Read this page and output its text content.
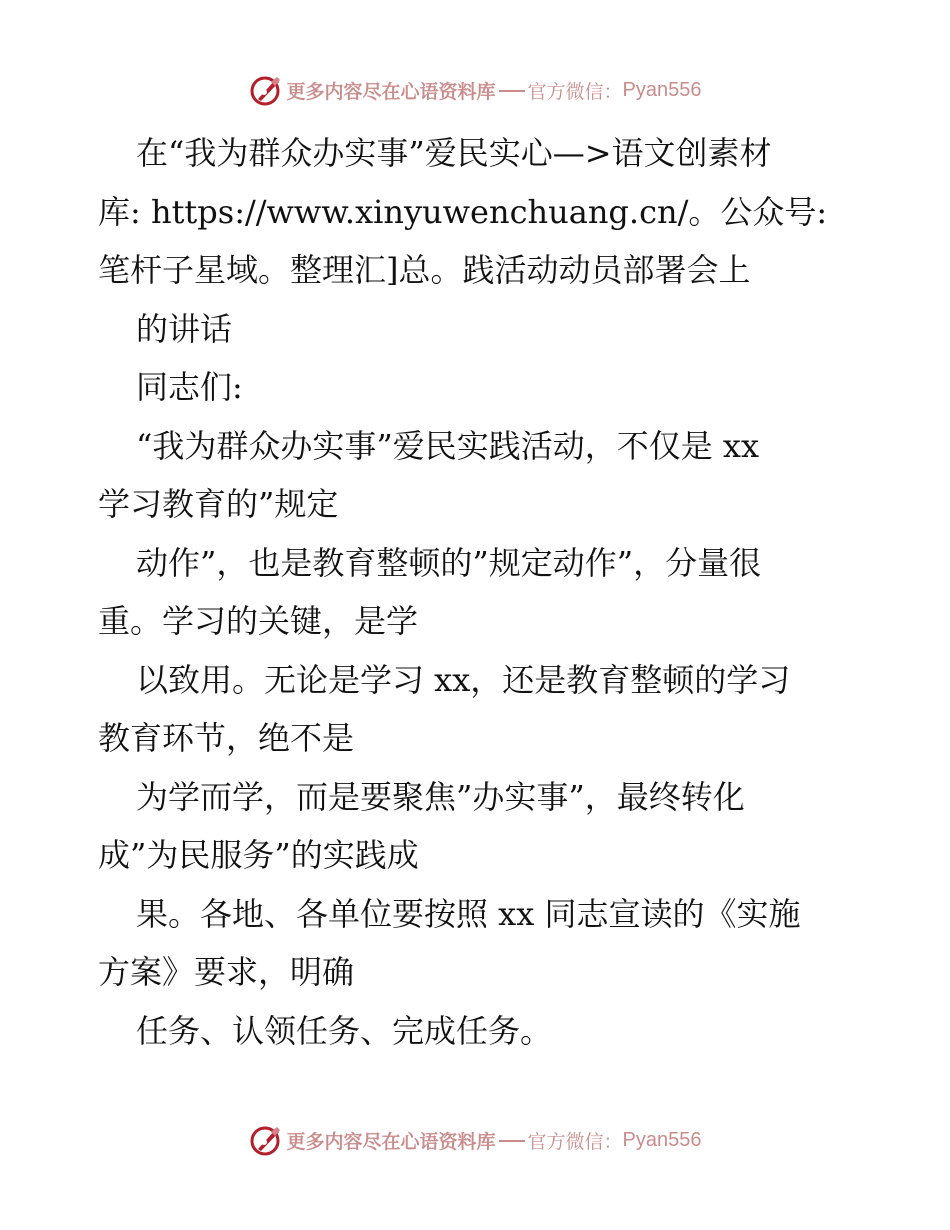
更多内容尽在心语资料库 官方微信： Pyan556
在“我为群众办实事”爱民实心—>语文创素材
库: https://www.xinyuwenchuang.cn/。公众号:
笔杆子星域。整理汇]总。践活动动员部署会上
的讲话
同志们:
“我为群众办实事”爱民实践活动，不仅是 xx
学习教育的”规定
动作”，也是教育整顿的”规定动作”，分量很
重。学习的关键，是学
以致用。无论是学习 xx，还是教育整顿的学习
教育环节，绝不是
为学而学，而是要聚焦”办实事”，最终转化
成”为民服务”的实践成
果。各地、各单位要按照 xx 同志宣读的《实施
方案》要求，明确
任务、认领任务、完成任务。
更多内容尽在心语资料库 官方微信： Pyan556
